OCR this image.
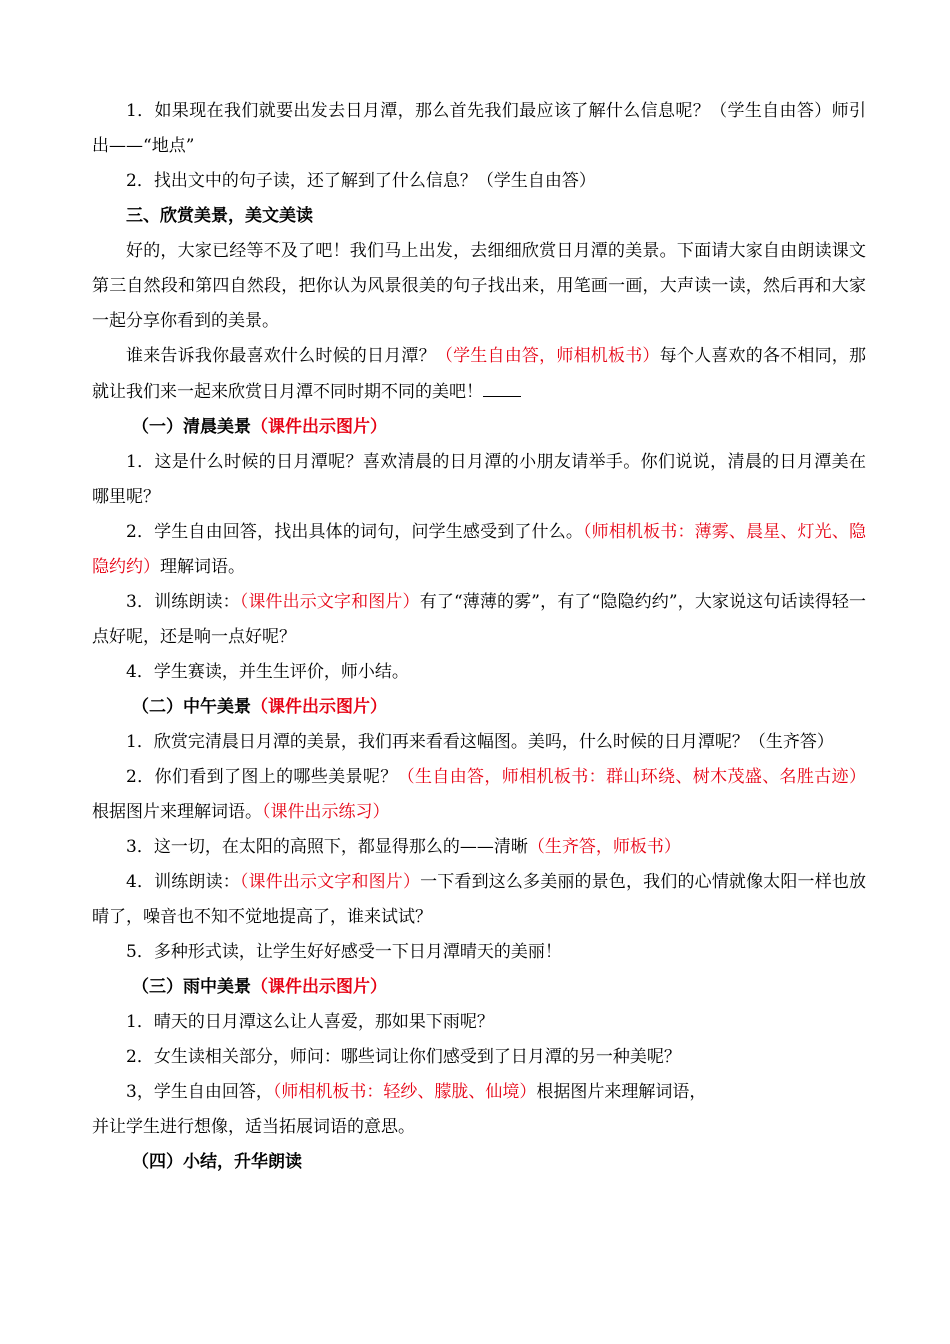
1．如果现在我们就要出发去日月潭，那么首先我们最应该了解什么信息呢？（学生自由答）师引出——“地点”

2．找出文中的句子读，还了解到了什么信息？（学生自由答）

三、欣赏美景，美文美读

好的，大家已经等不及了吧！我们马上出发，去细细欣赏日月潭的美景。下面请大家自由朗读课文第三自然段和第四自然段，把你认为风景很美的句子找出来，用笔画一画，大声读一读，然后再和大家一起分享你看到的美景。

谁来告诉我你最喜欢什么时候的日月潭？（学生自由答，师相机板书）每个人喜欢的各不相同，那就让我们来一起来欣赏日月潭不同时期不同的美吧！

（一）清晨美景（课件出示图片）

1．这是什么时候的日月潭呢？喜欢清晨的日月潭的小朋友请举手。你们说说，清晨的日月潭美在哪里呢？

2．学生自由回答，找出具体的词句，问学生感受到了什么。（师相机板书：薄雾、晨星、灯光、隐隐约约）理解词语。

3．训练朗读：（课件出示文字和图片）有了“薄薄的雾”，有了“隐隐约约”，大家说这句话读得轻一点好呢，还是响一点好呢？

4．学生赛读，并生生评价，师小结。

（二）中午美景（课件出示图片）

1．欣赏完清晨日月潭的美景，我们再来看看这幅图。美吗，什么时候的日月潭呢？（生齐答）

2．你们看到了图上的哪些美景呢？（生自由答，师相机板书：群山环绕、树木茂盛、名胜古迹）根据图片来理解词语。（课件出示练习）

3．这一切，在太阳的高照下，都显得那么的——清晰（生齐答，师板书）

4．训练朗读：（课件出示文字和图片）一下看到这么多美丽的景色，我们的心情就像太阳一样也放晴了，噪音也不知不觉地提高了，谁来试试？

5．多种形式读，让学生好好感受一下日月潭晴天的美丽！

（三）雨中美景（课件出示图片）

1．晴天的日月潭这么让人喜爱，那如果下雨呢？

2．女生读相关部分，师问：哪些词让你们感受到了日月潭的另一种美呢？

3，学生自由回答，（师相机板书：轻纱、朦胧、仙境）根据图片来理解词语，

并让学生进行想像，适当拓展词语的意思。

（四）小结，升华朗读
